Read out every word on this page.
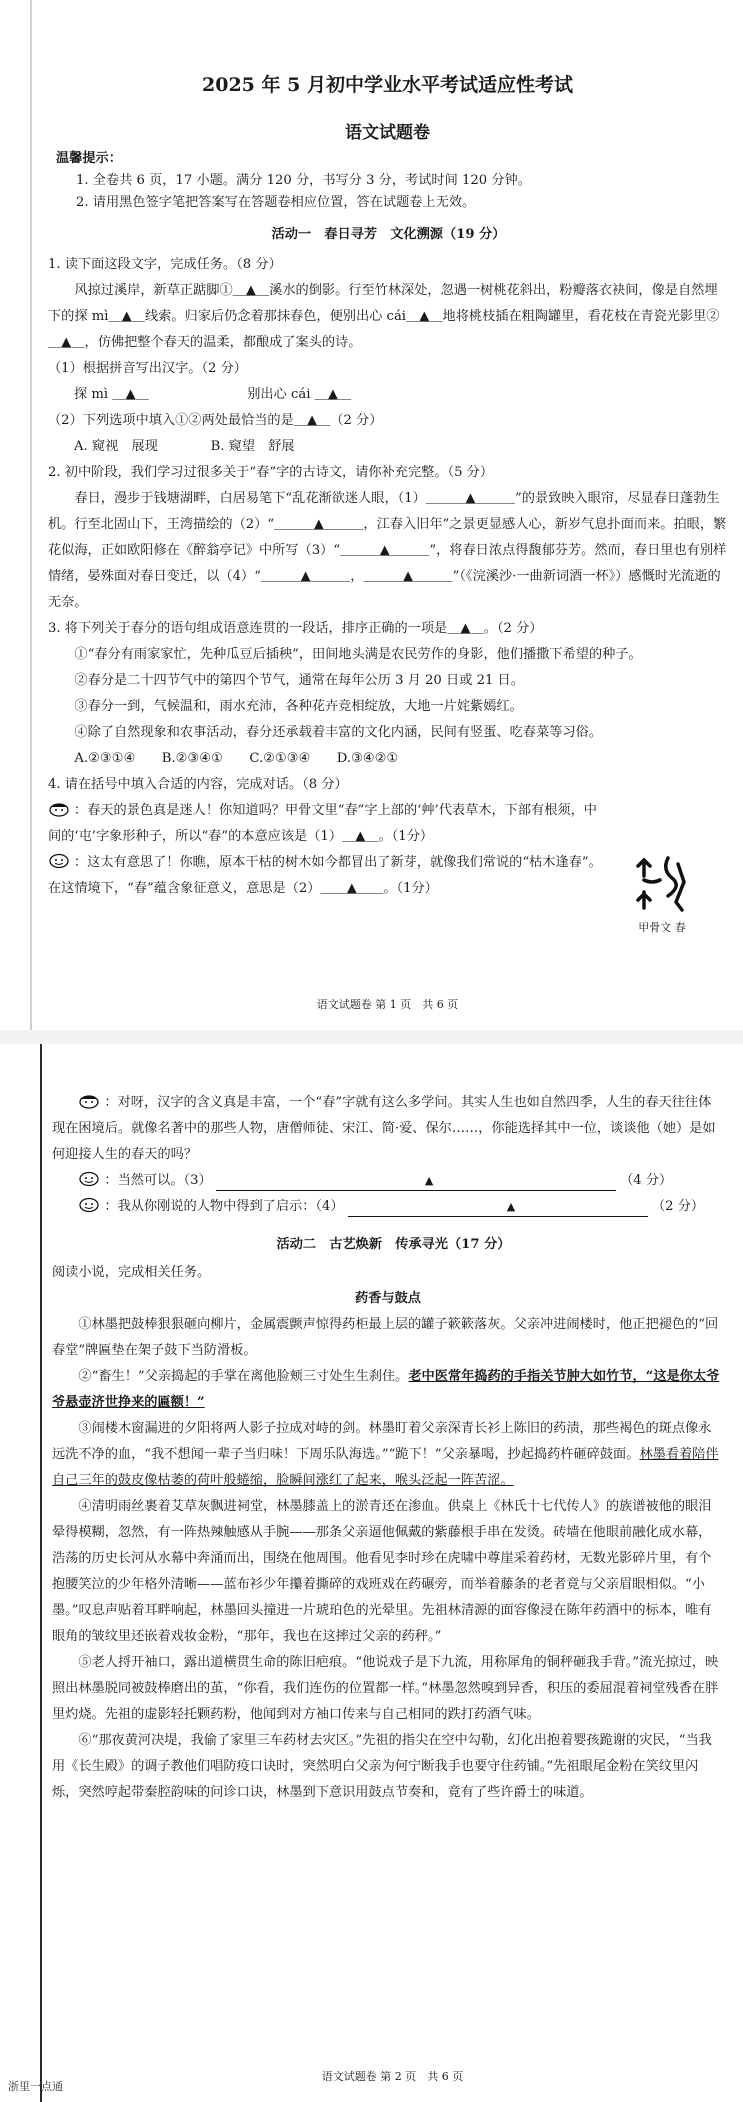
2025 年 5 月初中学业水平考试适应性考试
语文试题卷

温馨提示：

1. 全卷共 6 页，17 小题。满分 120 分，书写分 3 分，考试时间 120 分钟。

2. 请用黑色签字笔把答案写在答题卷相应位置，答在试题卷上无效。

活动一　春日寻芳　文化溯源（19 分）

1. 读下面这段文字，完成任务。（8 分）

风掠过溪岸，新草正踮脚①＿▲＿溪水的倒影。行至竹林深处，忽遇一树桃花斜出，粉瓣落衣袂间，像是自然埋下的探 mì＿▲＿线索。归家后仍念着那抹春色，便别出心 cái＿▲＿地将桃枝插在粗陶罐里，看花枝在青瓷光影里②＿▲＿，仿佛把整个春天的温柔，都酿成了案头的诗。

（1）根据拼音写出汉字。（2 分）

探 mì ＿▲＿	别出心 cái ＿▲＿

（2）下列选项中填入①②两处最恰当的是＿▲＿（2 分）

A. 窥视　展现　　　　B. 窥望　舒展

2. 初中阶段，我们学习过很多关于“春”字的古诗文，请你补充完整。（5 分）

春日，漫步于钱塘湖畔，白居易笔下“乱花渐欲迷人眼，（1）＿＿＿▲＿＿＿”的景致映入眼帘，尽显春日蓬勃生机。行至北固山下，王湾描绘的（2）“＿＿＿▲＿＿＿，江春入旧年”之景更显感人心，新岁气息扑面而来。拍眼，繁花似海，正如欧阳修在《醉翁亭记》中所写（3）“＿＿＿▲＿＿＿”，将春日浓点得馥郁芬芳。然而，春日里也有别样情绪，晏殊面对春日变迁，以（4）“＿＿＿▲＿＿＿，＿＿＿▲＿＿＿”（《浣溪沙·一曲新词酒一杯》）感慨时光流逝的无奈。

3. 将下列关于春分的语句组成语意连贯的一段话，排序正确的一项是＿▲＿。（2 分）

①“春分有雨家家忙，先种瓜豆后插秧”，田间地头满是农民劳作的身影，他们播撒下希望的种子。

②春分是二十四节气中的第四个节气，通常在每年公历 3 月 20 日或 21 日。

③春分一到，气候温和，雨水充沛，各种花卉竞相绽放，大地一片姹紫嫣红。

④除了自然现象和农事活动，春分还承载着丰富的文化内涵，民间有竖蛋、吃春菜等习俗。

A.②③①④　　B.②③④①　　C.②①③④　　D.③④②①

4. 请在括号中填入合适的内容，完成对话。（8 分）

：春天的景色真是迷人！你知道吗？甲骨文里“春”字上部的‘艸’代表草木，下部有根须，中间的‘屯’字象形种子，所以“春”的本意应该是（1）＿▲＿。（1分）

：这太有意思了！你瞧，原本干枯的树木如今都冒出了新芽，就像我们常说的“枯木逢春”。在这情境下，“春”蕴含象征意义，意思是（2）＿＿▲＿＿。（1分）

甲骨文 春
语文试题卷 第 1 页　共 6 页

：对呀，汉字的含义真是丰富，一个“春”字就有这么多学问。其实人生也如自然四季，人生的春天往往体现在困境后。就像名著中的那些人物，唐僧师徒、宋江、简·爱、保尔……，你能选择其中一位，谈谈他（她）是如何迎接人生的春天的吗？

：当然可以。（3）	▲	（4 分）

：我从你刚说的人物中得到了启示：（4）	▲	（2 分）

活动二　古艺焕新　传承寻光（17 分）

阅读小说，完成相关任务。

药香与鼓点

①林墨把鼓棒狠狠砸向柳片，金属震颤声惊得药柜最上层的罐子簌簌落灰。父亲冲进闹楼时，他正把褪色的“回春堂”牌匾垫在架子鼓下当防滑板。

②“畜生！”父亲捣起的手掌在离他脸颊三寸处生生刹住。老中医常年捣药的手指关节肿大如竹节，“这是你太爷爷悬壶济世挣来的匾额！”

③闹楼木窗漏进的夕阳将两人影子拉成对峙的剑。林墨盯着父亲深青长衫上陈旧的药渍，那些褐色的斑点像永远洗不净的血，“我不想闻一辈子当归味！下周乐队海选。”“跪下！”父亲暴喝，抄起捣药杵砸碎鼓面。林墨看着陪伴自己三年的鼓皮像枯萎的荷叶般蜷缩，脸瞬间涨红了起来，喉头泛起一阵苦涩。

④清明雨丝裹着艾草灰飘进祠堂，林墨膝盖上的淤青还在渗血。供桌上《林氏十七代传人》的族谱被他的眼泪晕得模糊，忽然，有一阵热辣触感从手腕——那条父亲逼他佩戴的紫藤根手串在发烫。砖墙在他眼前融化成水幕，浩荡的历史长河从水幕中奔涌而出，围绕在他周围。他看见李时珍在虎啸中尊崖采着药材，无数光影碎片里，有个抱腰笑泣的少年格外清晰——蓝布衫少年攥着撕碎的戏班戏在药碾旁，而举着藤条的老者竟与父亲眉眼相似。“小墨。”叹息声贴着耳畔响起，林墨回头撞进一片琥珀色的光晕里。先祖林清源的面容像浸在陈年药酒中的标本，唯有眼角的皱纹里还嵌着戏妆金粉，“那年，我也在这摔过父亲的药秤。”

⑤老人捋开袖口，露出道横贯生命的陈旧疤痕。“他说戏子是下九流，用称犀角的铜秤砸我手背。”流光掠过，映照出林墨脱同被鼓棒磨出的茧，“你看，我们连伤的位置都一样。”林墨忽然嗅到异香，积压的委屈混着祠堂残香在胖里灼烧。先祖的虚影轻托颗药粉，他闻到对方袖口传来与自己相同的跌打药酒气味。

⑥“那夜黄河决堤，我偷了家里三车药材去灾区。”先祖的指尖在空中勾勒，幻化出抱着婴孩跪谢的灾民，“当我用《长生殿》的调子教他们唱防疫口诀时，突然明白父亲为何宁断我手也要守住药铺。”先祖眼尾金粉在笑纹里闪烁，突然哼起带秦腔韵味的问诊口诀，林墨到下意识用鼓点节奏和，竟有了些许爵士的味道。

语文试题卷 第 2 页　共 6 页
浙里一点通
